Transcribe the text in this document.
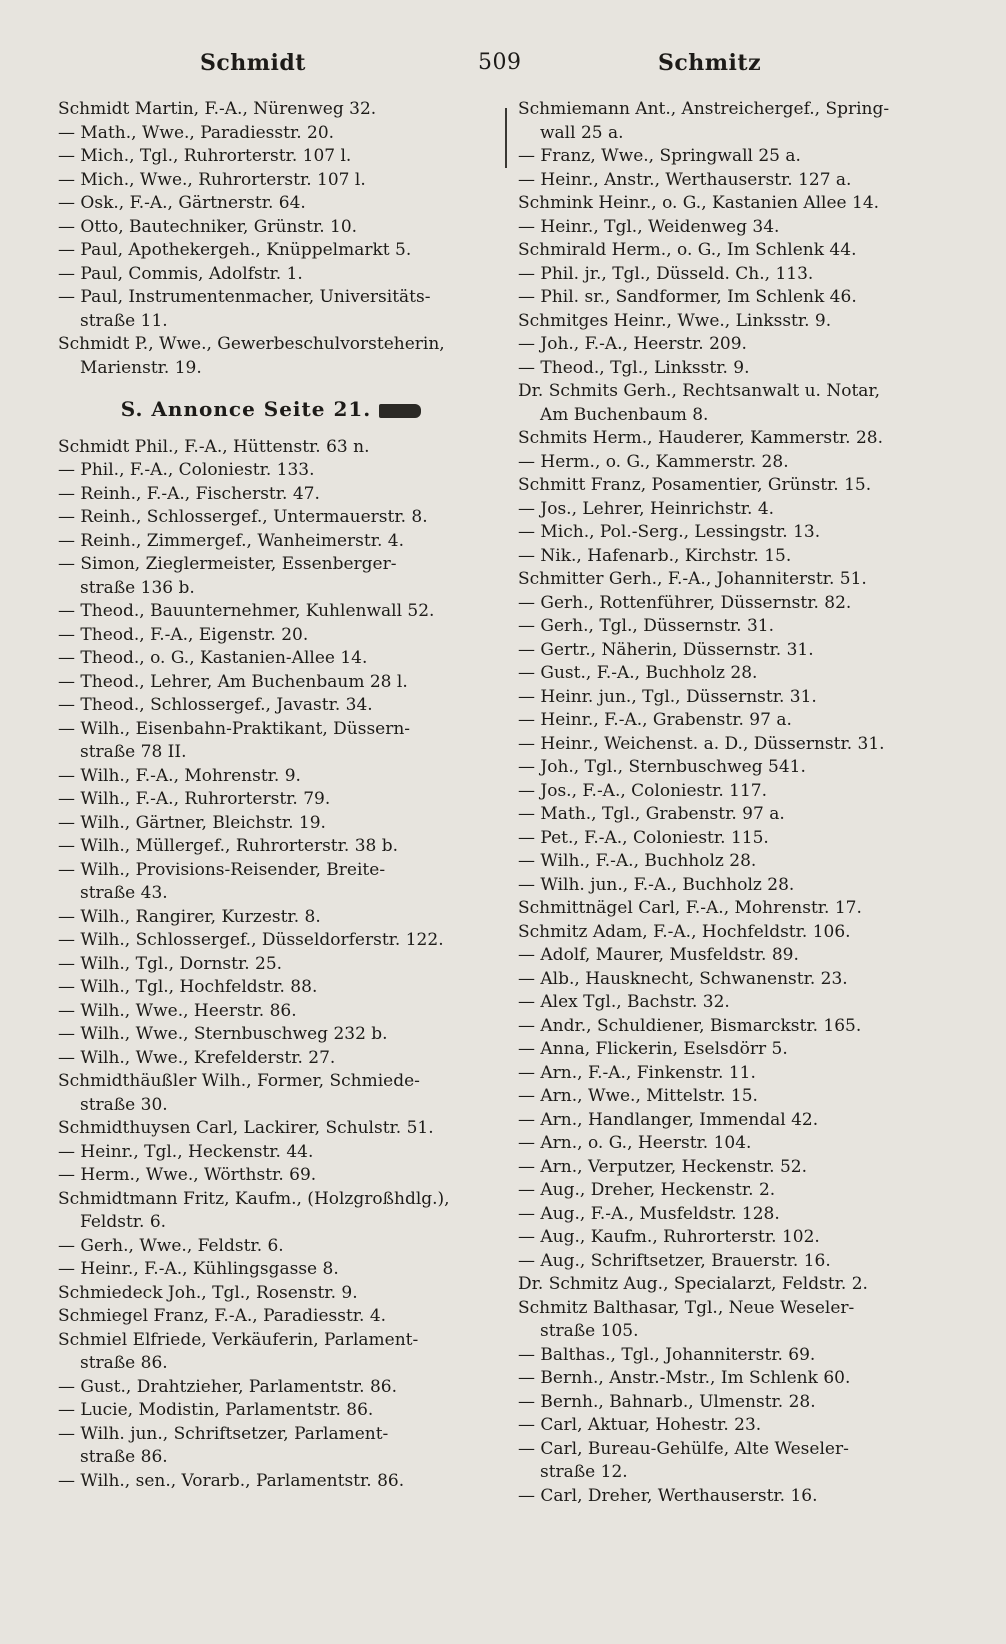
Schmidt	509	Schmitz

Schmidt Martin, F.-A., Nürenweg 32.

— Math., Wwe., Paradiesstr. 20.

— Mich., Tgl., Ruhrorterstr. 107 l.

— Mich., Wwe., Ruhrorterstr. 107 l.

— Osk., F.-A., Gärtnerstr. 64.

— Otto, Bautechniker, Grünstr. 10.

— Paul, Apothekergeh., Knüppelmarkt 5.

— Paul, Commis, Adolfstr. 1.

— Paul, Instrumentenmacher, Universitäts-

straße 11.

Schmidt P., Wwe., Gewerbeschulvorsteherin,

Marienstr. 19.

S. Annonce Seite 21.

Schmidt Phil., F.-A., Hüttenstr. 63 n.

— Phil., F.-A., Coloniestr. 133.

— Reinh., F.-A., Fischerstr. 47.

— Reinh., Schlossergef., Untermauerstr. 8.

— Reinh., Zimmergef., Wanheimerstr. 4.

— Simon, Zieglermeister, Essenberger-

straße 136 b.

— Theod., Bauunternehmer, Kuhlenwall 52.

— Theod., F.-A., Eigenstr. 20.

— Theod., o. G., Kastanien-Allee 14.

— Theod., Lehrer, Am Buchenbaum 28 l.

— Theod., Schlossergef., Javastr. 34.

— Wilh., Eisenbahn-Praktikant, Düssern-

straße 78 II.

— Wilh., F.-A., Mohrenstr. 9.

— Wilh., F.-A., Ruhrorterstr. 79.

— Wilh., Gärtner, Bleichstr. 19.

— Wilh., Müllergef., Ruhrorterstr. 38 b.

— Wilh., Provisions-Reisender, Breite-

straße 43.

— Wilh., Rangirer, Kurzestr. 8.

— Wilh., Schlossergef., Düsseldorferstr. 122.

— Wilh., Tgl., Dornstr. 25.

— Wilh., Tgl., Hochfeldstr. 88.

— Wilh., Wwe., Heerstr. 86.

— Wilh., Wwe., Sternbuschweg 232 b.

— Wilh., Wwe., Krefelderstr. 27.

Schmidthäußler Wilh., Former, Schmiede-

straße 30.

Schmidthuysen Carl, Lackirer, Schulstr. 51.

— Heinr., Tgl., Heckenstr. 44.

— Herm., Wwe., Wörthstr. 69.

Schmidtmann Fritz, Kaufm., (Holzgroßhdlg.),

Feldstr. 6.

— Gerh., Wwe., Feldstr. 6.

— Heinr., F.-A., Kühlingsgasse 8.

Schmiedeck Joh., Tgl., Rosenstr. 9.

Schmiegel Franz, F.-A., Paradiesstr. 4.

Schmiel Elfriede, Verkäuferin, Parlament-

straße 86.

— Gust., Drahtzieher, Parlamentstr. 86.

— Lucie, Modistin, Parlamentstr. 86.

— Wilh. jun., Schriftsetzer, Parlament-

straße 86.

— Wilh., sen., Vorarb., Parlamentstr. 86.

Schmiemann Ant., Anstreichergef., Spring-

wall 25 a.

— Franz, Wwe., Springwall 25 a.

— Heinr., Anstr., Werthauserstr. 127 a.

Schmink Heinr., o. G., Kastanien Allee 14.

— Heinr., Tgl., Weidenweg 34.

Schmirald Herm., o. G., Im Schlenk 44.

— Phil. jr., Tgl., Düsseld. Ch., 113.

— Phil. sr., Sandformer, Im Schlenk 46.

Schmitges Heinr., Wwe., Linksstr. 9.

— Joh., F.-A., Heerstr. 209.

— Theod., Tgl., Linksstr. 9.

Dr. Schmits Gerh., Rechtsanwalt u. Notar,

Am Buchenbaum 8.

Schmits Herm., Hauderer, Kammerstr. 28.

— Herm., o. G., Kammerstr. 28.

Schmitt Franz, Posamentier, Grünstr. 15.

— Jos., Lehrer, Heinrichstr. 4.

— Mich., Pol.-Serg., Lessingstr. 13.

— Nik., Hafenarb., Kirchstr. 15.

Schmitter Gerh., F.-A., Johanniterstr. 51.

— Gerh., Rottenführer, Düssernstr. 82.

— Gerh., Tgl., Düssernstr. 31.

— Gertr., Näherin, Düssernstr. 31.

— Gust., F.-A., Buchholz 28.

— Heinr. jun., Tgl., Düssernstr. 31.

— Heinr., F.-A., Grabenstr. 97 a.

— Heinr., Weichenst. a. D., Düssernstr. 31.

— Joh., Tgl., Sternbuschweg 541.

— Jos., F.-A., Coloniestr. 117.

— Math., Tgl., Grabenstr. 97 a.

— Pet., F.-A., Coloniestr. 115.

— Wilh., F.-A., Buchholz 28.

— Wilh. jun., F.-A., Buchholz 28.

Schmittnägel Carl, F.-A., Mohrenstr. 17.

Schmitz Adam, F.-A., Hochfeldstr. 106.

— Adolf, Maurer, Musfeldstr. 89.

— Alb., Hausknecht, Schwanenstr. 23.

— Alex Tgl., Bachstr. 32.

— Andr., Schuldiener, Bismarckstr. 165.

— Anna, Flickerin, Eselsdörr 5.

— Arn., F.-A., Finkenstr. 11.

— Arn., Wwe., Mittelstr. 15.

— Arn., Handlanger, Immendal 42.

— Arn., o. G., Heerstr. 104.

— Arn., Verputzer, Heckenstr. 52.

— Aug., Dreher, Heckenstr. 2.

— Aug., F.-A., Musfeldstr. 128.

— Aug., Kaufm., Ruhrorterstr. 102.

— Aug., Schriftsetzer, Brauerstr. 16.

Dr. Schmitz Aug., Specialarzt, Feldstr. 2.

Schmitz Balthasar, Tgl., Neue Weseler-

straße 105.

— Balthas., Tgl., Johanniterstr. 69.

— Bernh., Anstr.-Mstr., Im Schlenk 60.

— Bernh., Bahnarb., Ulmenstr. 28.

— Carl, Aktuar, Hohestr. 23.

— Carl, Bureau-Gehülfe, Alte Weseler-

straße 12.

— Carl, Dreher, Werthauserstr. 16.
